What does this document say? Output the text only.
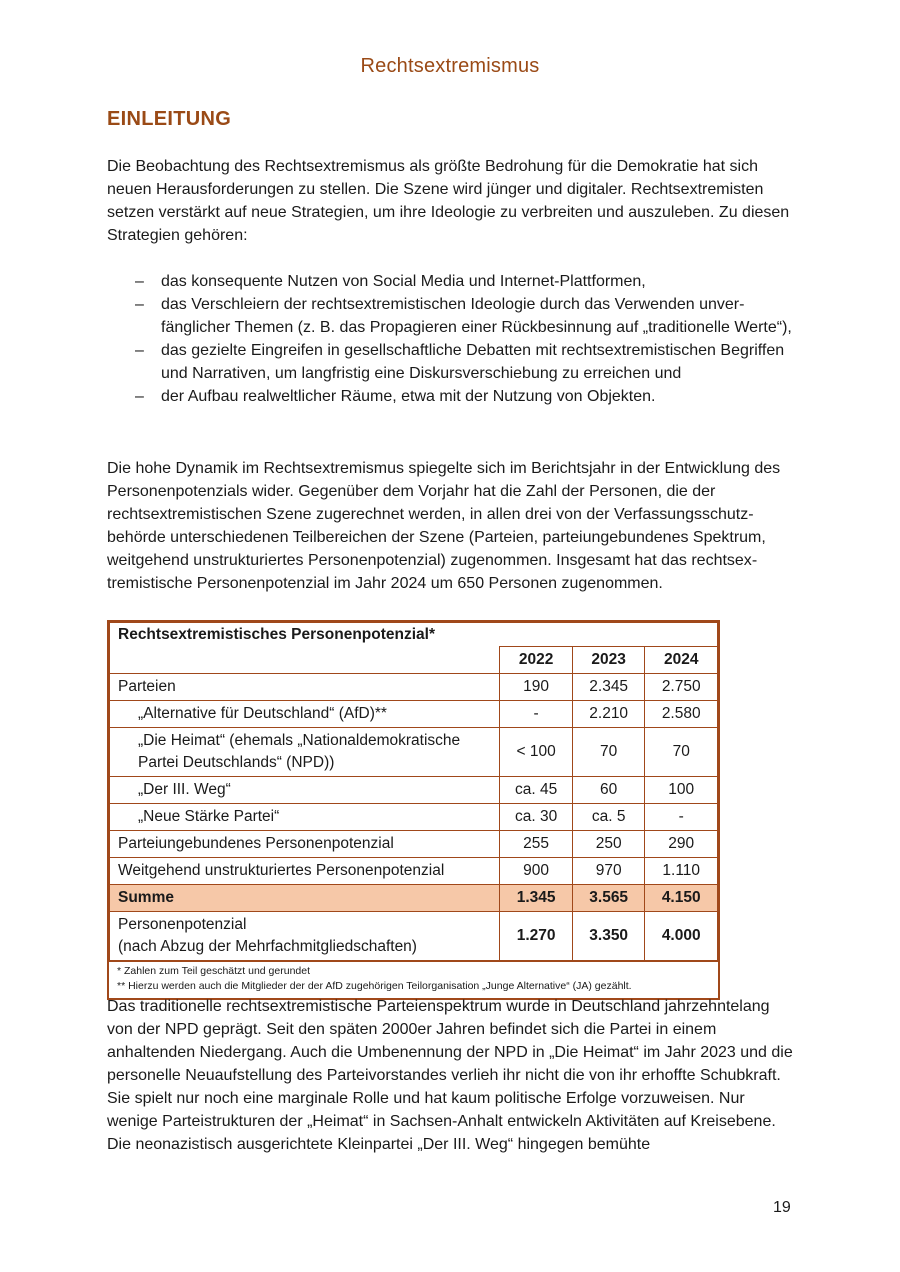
Rechtsextremismus
EINLEITUNG

Die Beobachtung des Rechtsextremismus als größte Bedrohung für die Demokratie hat sich neuen Herausforderungen zu stellen. Die Szene wird jünger und digitaler. Rechtsextremisten setzen verstärkt auf neue Strategien, um ihre Ideologie zu verbreiten und auszuleben. Zu diesen Strategien gehören:

– das konsequente Nutzen von Social Media und Internet-Plattformen,
– das Verschleiern der rechtsextremistischen Ideologie durch das Verwenden unverfänglicher Themen (z. B. das Propagieren einer Rückbesinnung auf „traditionelle Werte“),
– das gezielte Eingreifen in gesellschaftliche Debatten mit rechtsextremistischen Begriffen und Narrativen, um langfristig eine Diskursverschiebung zu erreichen und
– der Aufbau realweltlicher Räume, etwa mit der Nutzung von Objekten.

Die hohe Dynamik im Rechtsextremismus spiegelte sich im Berichtsjahr in der Entwicklung des Personenpotenzials wider. Gegenüber dem Vorjahr hat die Zahl der Personen, die der rechtsextremistischen Szene zugerechnet werden, in allen drei von der Verfassungsschutzbehörde unterschiedenen Teilbereichen der Szene (Parteien, parteiungebundenes Spektrum, weitgehend unstrukturiertes Personenpotenzial) zugenommen. Insgesamt hat das rechtsextremistische Personenpotenzial im Jahr 2024 um 650 Personen zugenommen.

Rechtsextremistisches Personenpotenzial*			
	2022	2023	2024
Parteien	190	2.345	2.750
„Alternative für Deutschland“ (AfD)**	-	2.210	2.580
„Die Heimat“ (ehemals „Nationaldemokratische Partei Deutschlands“ (NPD))	< 100	70	70
„Der III. Weg“	ca. 45	60	100
„Neue Stärke Partei“	ca. 30	ca. 5	-
Parteiungebundenes Personenpotenzial	255	250	290
Weitgehend unstrukturiertes Personenpotenzial	900	970	1.110
Summe	1.345	3.565	4.150

Personenpotenzial
(nach Abzug der Mehrfachmitgliedschaften)	1.270	3.350	4.000
* Zahlen zum Teil geschätzt und gerundet
** Hierzu werden auch die Mitglieder der der AfD zugehörigen Teilorganisation „Junge Alternative“ (JA) gezählt.

Das traditionelle rechtsextremistische Parteienspektrum wurde in Deutschland jahrzehntelang von der NPD geprägt. Seit den späten 2000er Jahren befindet sich die Partei in einem anhaltenden Niedergang. Auch die Umbenennung der NPD in „Die Heimat“ im Jahr 2023 und die personelle Neuaufstellung des Parteivorstandes verlieh ihr nicht die von ihr erhoffte Schubkraft. Sie spielt nur noch eine marginale Rolle und hat kaum politische Erfolge vorzuweisen. Nur wenige Parteistrukturen der „Heimat“ in Sachsen-Anhalt entwickeln Aktivitäten auf Kreisebene. Die neonazistisch ausgerichtete Kleinpartei „Der III. Weg“ hingegen bemühte

19
